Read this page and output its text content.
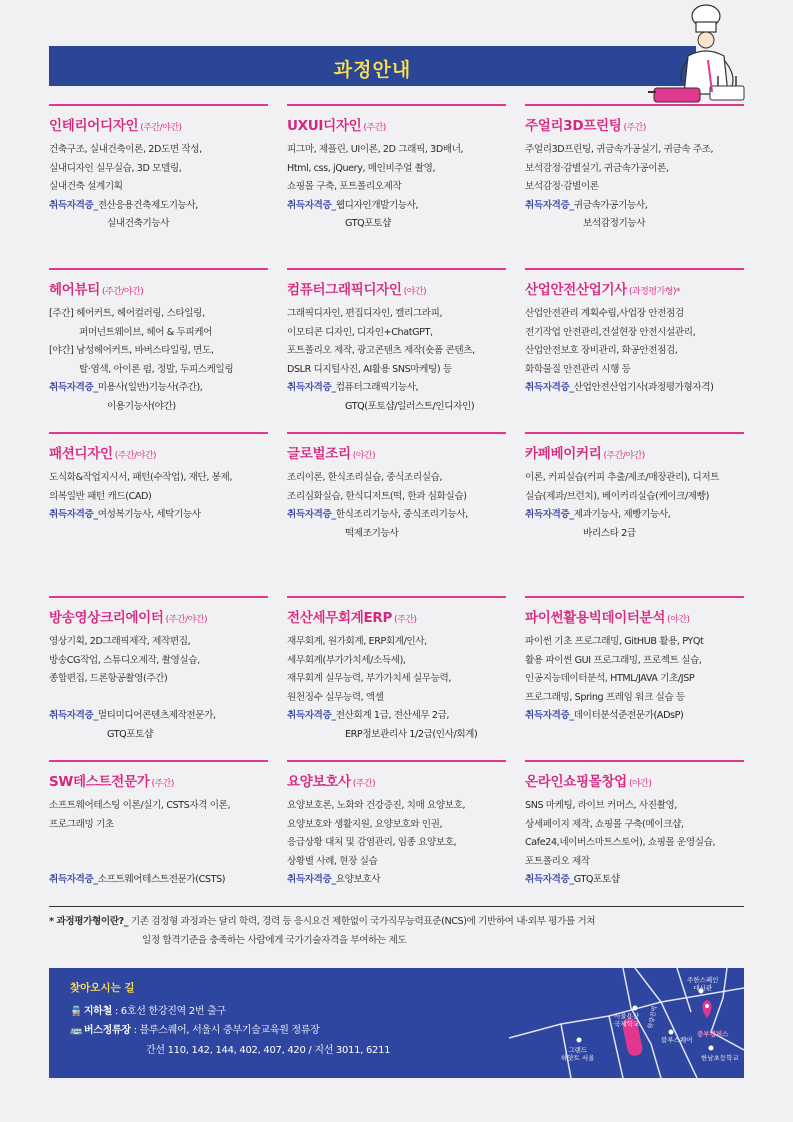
과정안내
인테리어디자인 (주간/야간)
건축구조, 실내건축이론, 2D도면 작성,
실내디자인 실무실습, 3D 모델링,
실내건축 설계기획
취득자격증_전산응용건축제도기능사,
실내건축기능사
UXUI디자인 (주간)
피그마, 제플린, UI이론, 2D 그래픽, 3D배너,
Html, css, jQuery, 메인비주얼 촬영,
쇼핑몰 구축, 포트폴리오제작
취득자격증_웹디자인개발기능사,
GTQ포토샵
주얼리3D프린팅 (주간)
주얼리3D프린팅, 귀금속가공실기, 귀금속 주조,
보석감정·감별실기, 귀금속가공이론,
보석감정·감별이론
취득자격증_귀금속가공기능사,
보석감정기능사
헤어뷰티 (주간/야간)
[주간] 헤어커트, 헤어컬러링, 스타일링,
퍼머넌트웨이브, 헤어 & 두피케어
[야간] 남성헤어커트, 바버스타일링, 면도,
탈·염색, 아이론 펌, 정발, 두피스케일링
취득자격증_미용사(일반)기능사(주간),
이용기능사(야간)
컴퓨터그래픽디자인 (야간)
그래픽디자인, 편집디자인, 캘리그라피,
이모티콘 디자인, 디자인+ChatGPT,
포트폴리오 제작, 광고콘텐츠 제작(숏폼 콘텐츠,
DSLR 디지털사진, AI활용 SNS마케팅) 등
취득자격증_컴퓨터그래픽기능사,
GTQ(포토샵/일러스트/인디자인)
산업안전산업기사 (과정평가형)*
산업안전관리 계획수립,사업장 안전점검
전기작업 안전관리,건설현장 안전시설관리,
산업안전보호 장비관리, 화공안전점검,
화학물질 안전관리 시행 등
취득자격증_산업안전산업기사(과정평가형자격)
패션디자인 (주간/야간)
도식화&작업지시서, 패턴(수작업), 재단, 봉제,
의복일반 패턴 캐드(CAD)
취득자격증_여성복기능사, 세탁기능사
글로벌조리 (야간)
조리이론, 한식조리실습, 중식조리실습,
조리심화실습, 한식디저트(떡, 한과 심화실습)
취득자격증_한식조리기능사, 중식조리기능사,
떡제조기능사
카페베이커리 (주간/야간)
이론, 커피실습(커피 추출/제조/매장관리), 디저트
실습(제과/브런치), 베이커리실습(케이크/제빵)
취득자격증_제과기능사, 제빵기능사,
바리스타 2급
방송영상크리에이터 (주간/야간)
영상기획, 2D그래픽제작, 제작편집,
방송CG작업, 스튜디오제작, 촬영실습,
종합편집, 드론항공촬영(주간)
취득자격증_멀티미디어콘텐츠제작전문가,
GTQ포토샵
전산세무회계ERP (주간)
재무회계, 원가회계, ERP회계/인사,
세무회계(부가가치세/소득세),
재무회계 실무능력, 부가가치세 실무능력,
원천징수 실무능력, 엑셀
취득자격증_전산회계 1급, 전산세무 2급,
ERP정보관리사 1/2급(인사/회계)
파이썬활용빅데이터분석 (야간)
파이썬 기초 프로그래밍, GitHUB 활용, PYQt
활용 파이썬 GUI 프로그래밍, 프로젝트 실습,
인공지능데이터분석, HTML/JAVA 기초/JSP
프로그래밍, Spring 프레임 워크 실습 등
취득자격증_데이터분석준전문가(ADsP)
SW테스트전문가 (주간)
소프트웨어테스팅 이론/실기, CSTS자격 이론,
프로그래밍 기초
취득자격증_소프트웨어테스트전문가(CSTS)
요양보호사 (주간)
요양보호론, 노화와 건강증진, 치매 요양보호,
요양보호와 생활지원, 요양보호와 인권,
응급상황 대처 및 감염관리, 임종 요양보호,
상황별 사례, 현장 실습
취득자격증_요양보호사
온라인쇼핑몰창업 (야간)
SNS 마케팅, 라이브 커머스, 사진촬영,
상세페이지 제작, 쇼핑몰 구축(메이크샵,
Cafe24,네이버스마트스토어), 쇼핑몰 운영실습,
포트폴리오 제작
취득자격증_GTQ포토샵
* 과정평가형이란?_ 기존 검정형 과정과는 달리 학력, 경력 등 응시요건 제한없이 국가직무능력표준(NCS)에 기반하여 내·외부 평가를 거쳐
일정 합격기준을 충족하는 사람에게 국가기술자격을 부여하는 제도
찾아오시는 길
🚆 지하철 : 6호선 한강진역 2번 출구
🚌 버스정류장 : 블루스퀘어, 서울시 중부기술교육원 정류장
간선 110, 142, 144, 402, 407, 420 / 지선 3011, 6211	그랜드
하얏트 서울
서울용산
국제학교 한강진역
블루스퀘어
중부캠퍼스
주한스페인
대사관
한남초등학교
